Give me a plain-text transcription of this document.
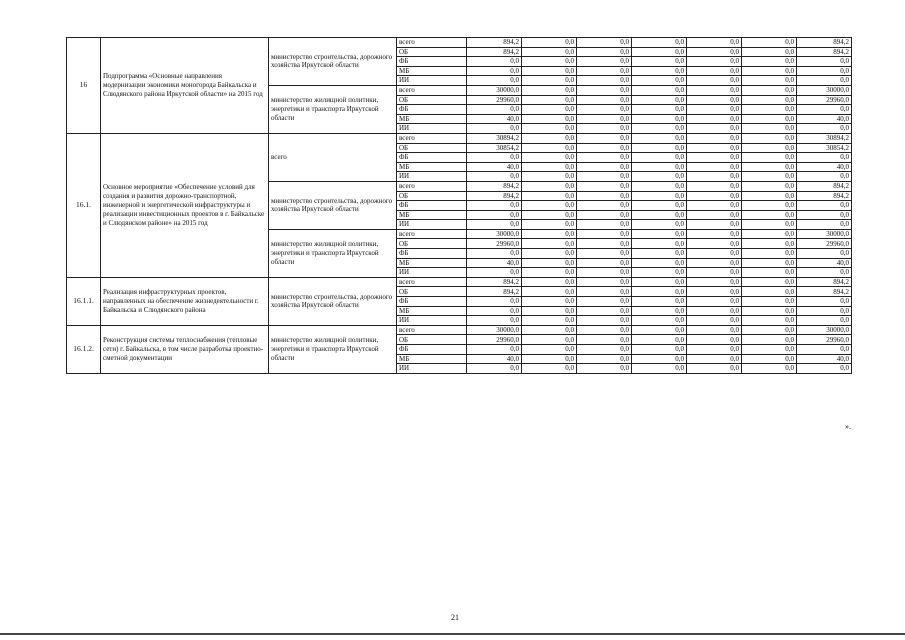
16	Подпрограмма «Основные направления модернизации экономики моногорода Байкальска и Слюдянского района Иркутской области» на 2015 год	министерство строительства, дорожного хозяйства Иркутской области	всего	894,2	0,0	0,0	0,0	0,0	0,0	894,2
			ОБ	894,2	0,0	0,0	0,0	0,0	0,0	894,2
			ФБ	0,0	0,0	0,0	0,0	0,0	0,0	0,0
			МБ	0,0	0,0	0,0	0,0	0,0	0,0	0,0
			ИИ	0,0	0,0	0,0	0,0	0,0	0,0	0,0
		министерство жилищной политики, энергетики и транспорта Иркутской области	всего	30000,0	0,0	0,0	0,0	0,0	0,0	30000,0
			ОБ	29960,0	0,0	0,0	0,0	0,0	0,0	29960,0
			ФБ	0,0	0,0	0,0	0,0	0,0	0,0	0,0
			МБ	40,0	0,0	0,0	0,0	0,0	0,0	40,0
			ИИ	0,0	0,0	0,0	0,0	0,0	0,0	0,0
16.1.	Основное мероприятие «Обеспечение условий для создания и развития дорожно-транспортной, инженерной и энергетической инфраструктуры и реализации инвестиционных проектов в г. Байкальске и Слюдянском районе» на 2015 год	всего	всего	30894,2	0,0	0,0	0,0	0,0	0,0	30894,2
			ОБ	30854,2	0,0	0,0	0,0	0,0	0,0	30854,2
			ФБ	0,0	0,0	0,0	0,0	0,0	0,0	0,0
			МБ	40,0	0,0	0,0	0,0	0,0	0,0	40,0
			ИИ	0,0	0,0	0,0	0,0	0,0	0,0	0,0
		министерство строительства, дорожного хозяйства Иркутской области	всего	894,2	0,0	0,0	0,0	0,0	0,0	894,2
			ОБ	894,2	0,0	0,0	0,0	0,0	0,0	894,2
			ФБ	0,0	0,0	0,0	0,0	0,0	0,0	0,0
			МБ	0,0	0,0	0,0	0,0	0,0	0,0	0,0
			ИИ	0,0	0,0	0,0	0,0	0,0	0,0	0,0
		министерство жилищной политики, энергетики и транспорта Иркутской области	всего	30000,0	0,0	0,0	0,0	0,0	0,0	30000,0
			ОБ	29960,0	0,0	0,0	0,0	0,0	0,0	29960,0
			ФБ	0,0	0,0	0,0	0,0	0,0	0,0	0,0
			МБ	40,0	0,0	0,0	0,0	0,0	0,0	40,0
			ИИ	0,0	0,0	0,0	0,0	0,0	0,0	0,0
16.1.1.	Реализация инфраструктурных проектов, направленных на обеспечение жизнедеятельности г. Байкальска и Слюдянского района	министерство строительства, дорожного хозяйства Иркутской области	всего	894,2	0,0	0,0	0,0	0,0	0,0	894,2
			ОБ	894,2	0,0	0,0	0,0	0,0	0,0	894,2
			ФБ	0,0	0,0	0,0	0,0	0,0	0,0	0,0
			МБ	0,0	0,0	0,0	0,0	0,0	0,0	0,0
			ИИ	0,0	0,0	0,0	0,0	0,0	0,0	0,0
16.1.2.	Реконструкция системы теплоснабжения (тепловые сети) г. Байкальска, в том числе разработка проектно-сметной документации	министерство жилищной политики, энергетики и транспорта Иркутской области	всего	30000,0	0,0	0,0	0,0	0,0	0,0	30000,0
			ОБ	29960,0	0,0	0,0	0,0	0,0	0,0	29960,0
			ФБ	0,0	0,0	0,0	0,0	0,0	0,0	0,0
			МБ	40,0	0,0	0,0	0,0	0,0	0,0	40,0
			ИИ	0,0	0,0	0,0	0,0	0,0	0,0	0,0
».
21
